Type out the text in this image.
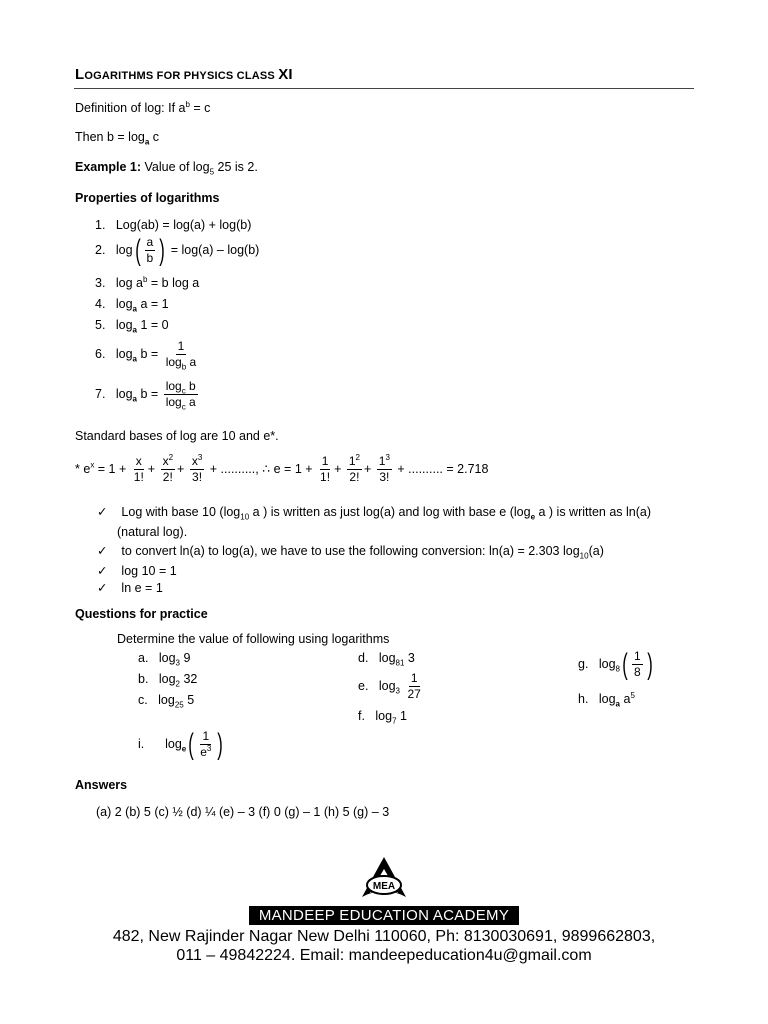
LOGARITHMS FOR PHYSICS CLASS XI
Definition of log: If $a^b = c$
Then $b = \log_a c$
Example 1: Value of $\log_5 25$ is 2.
Properties of logarithms
1. Log(ab) = log(a) + log(b)
2. log ( $\frac{a}{b}$ ) = log(a) – log(b)
3. $\log a^b = b$ log a
4. $\log_a a = 1$
5. $\log_a 1 = 0$
6. $\log_a b = \frac{1}{\log_b a}$
7. $\log_a b = \frac{\log_c b}{\log_c a}$
Standard bases of log are 10 and e*.
* $e^x = 1 + \frac{x}{1!} + \frac{x^2}{2!} + \frac{x^3}{3!}$ + .........., ∴ $e = 1 + \frac{1}{1!} + \frac{1^2}{2!} + \frac{1^3}{3!}$ + .......... = 2.718
✓ Log with base 10 ($\log_{10}$ a ) is written as just log(a) and log with base e ($\log_e$ a ) is written as ln(a)
(natural log).
✓ to convert ln(a) to log(a), we have to use the following conversion: ln(a) = 2.303 $\log_{10}(a)$
✓ log 10 = 1
✓ ln e = 1
Questions for practice
Determine the value of following using logarithms
a. $\log_3 9$
b. $\log_2 32$
c. $\log_{25} 5$
d. $\log_{81} 3$
e. $\log_3 \frac{1}{27}$
f. $\log_7 1$
g. $\log_8$ ( $\frac{1}{8}$ )
h. $\log_a a^5$
i. $\log_e$ ( $\frac{1}{e^3}$ )
Answers
(a) 2 (b) 5 (c) ½ (d) ¼ (e) – 3 (f) 0 (g) – 1 (h) 5 (g) – 3
MEA
MANDEEP EDUCATION ACADEMY
482, New Rajinder Nagar New Delhi 110060, Ph: 8130030691, 9899662803,
011 – 49842224. Email: mandeepeducation4u@gmail.com
